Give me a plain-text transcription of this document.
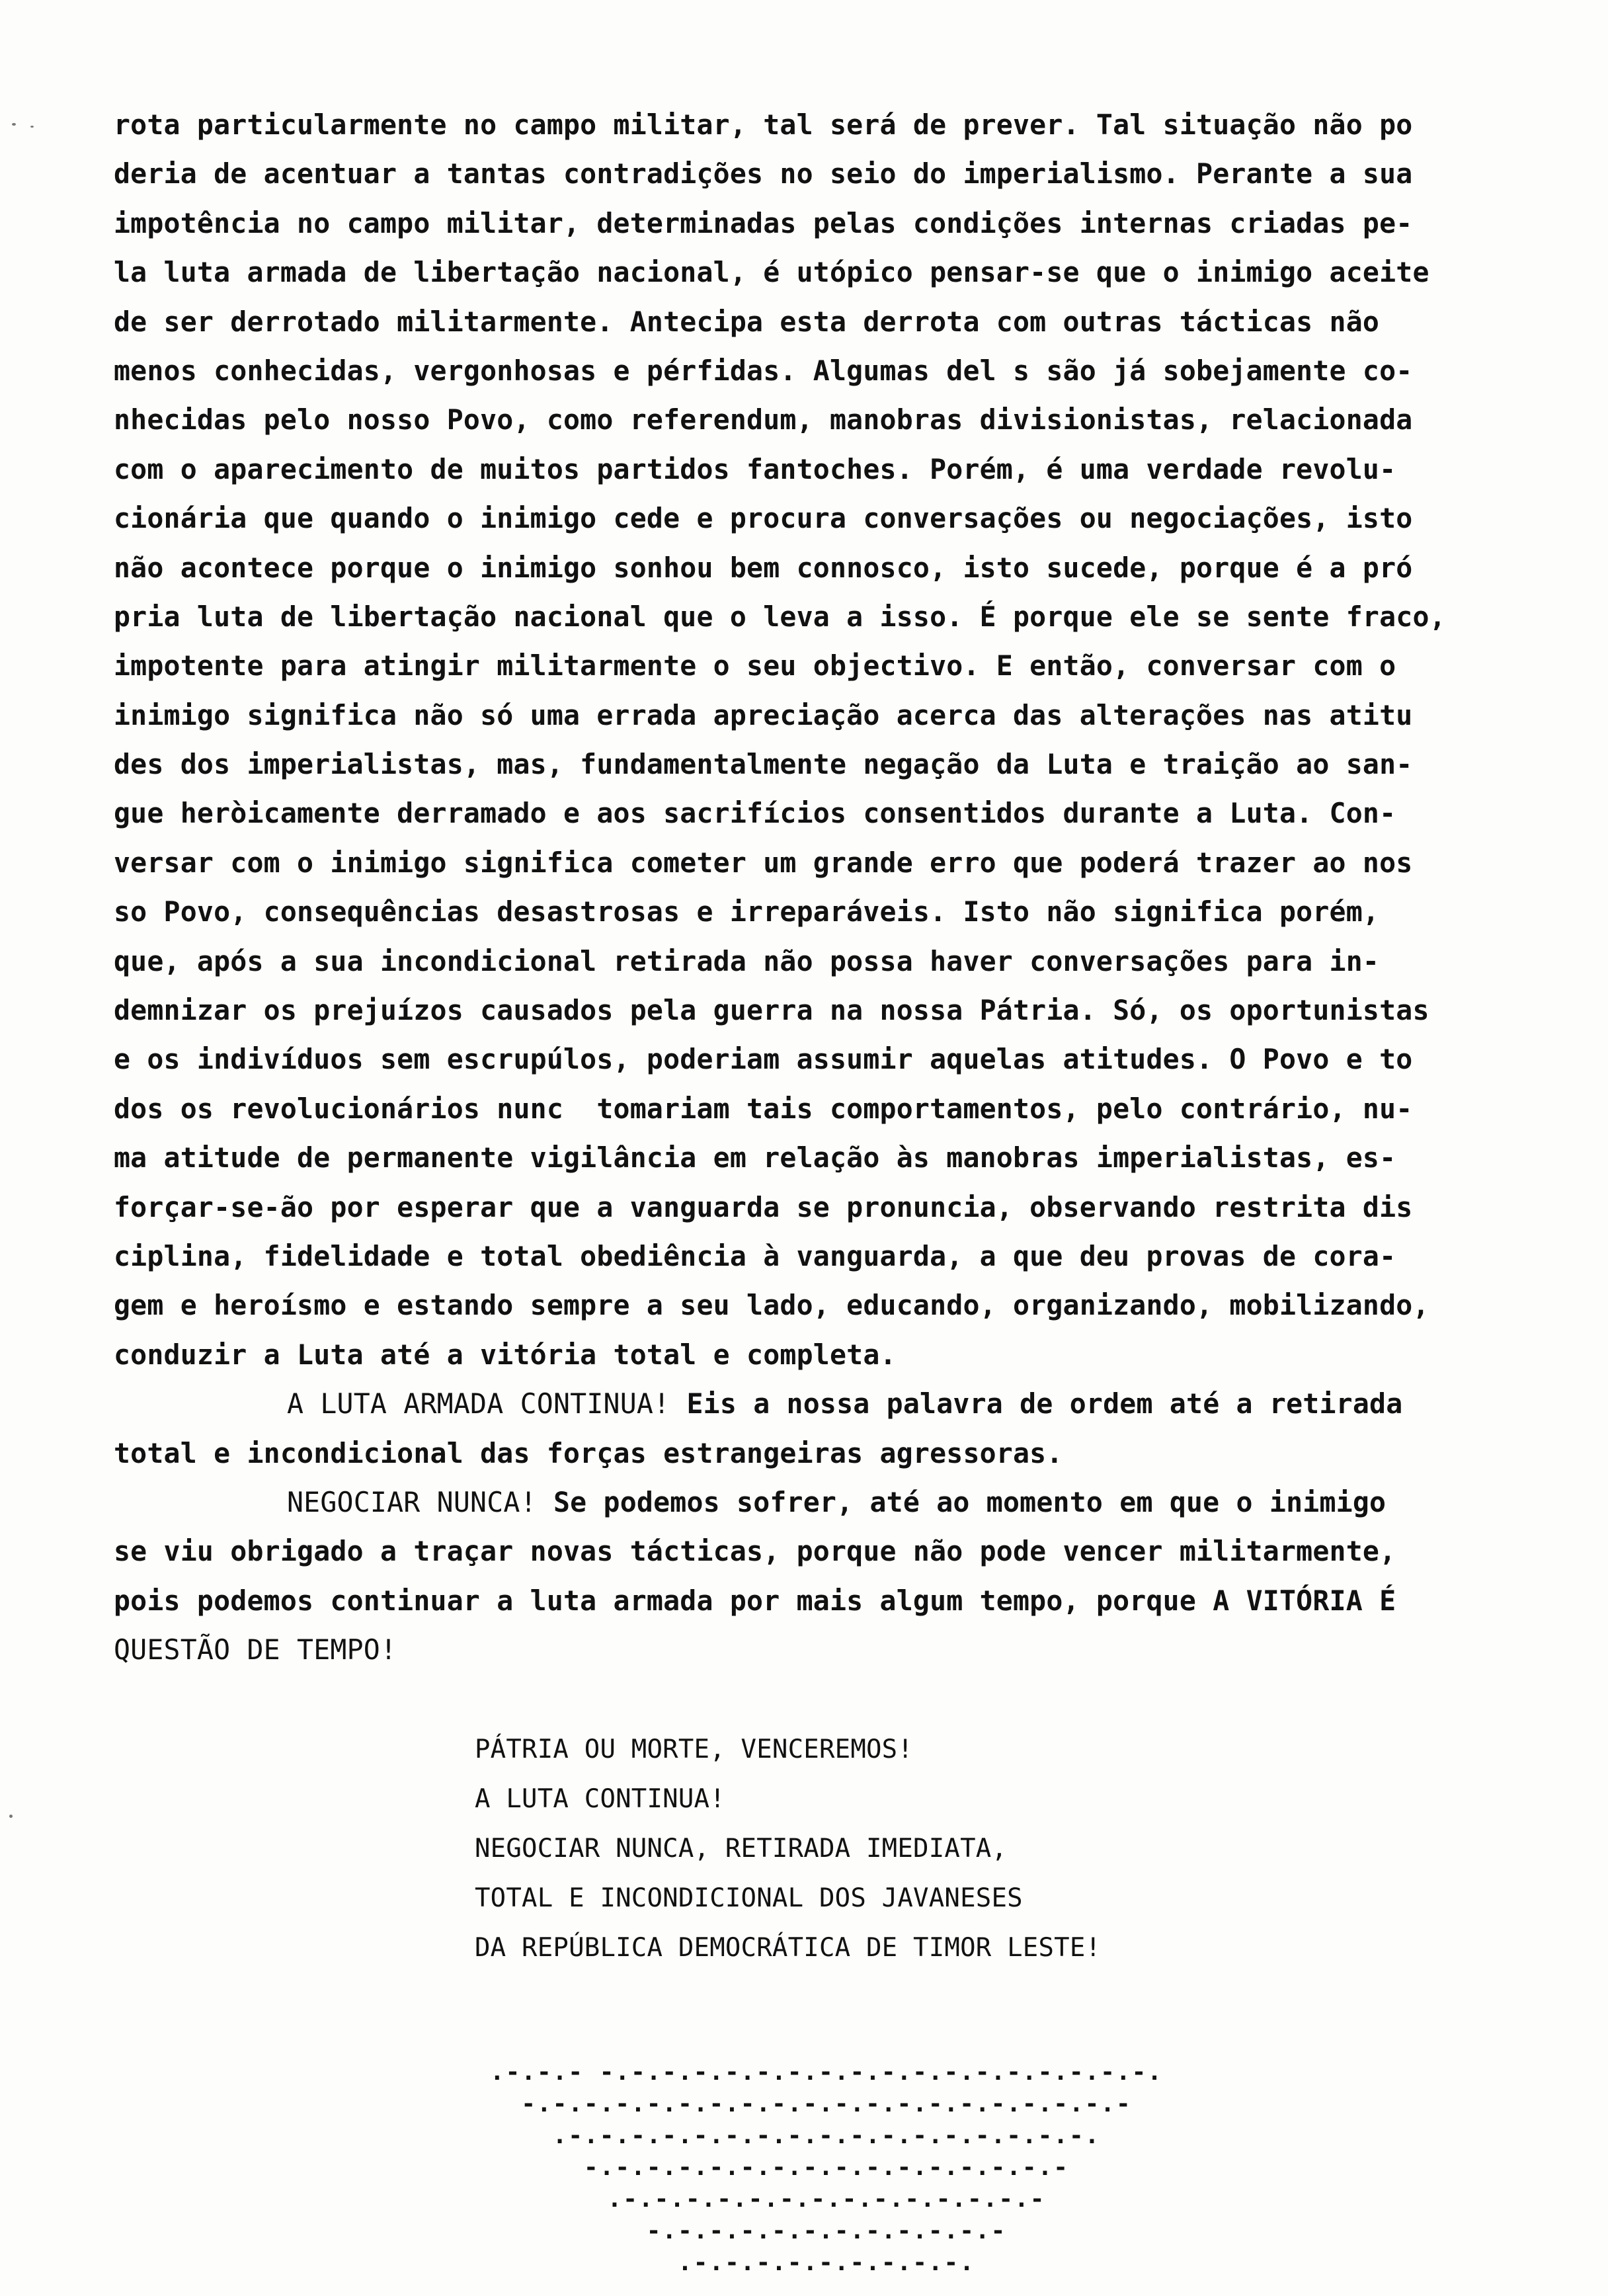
rota particularmente no campo militar, tal será de prever. Tal situação não po
deria de acentuar a tantas contradições no seio do imperialismo. Perante a sua
impotência no campo militar, determinadas pelas condições internas criadas pe-
la luta armada de libertação nacional, é utópico pensar-se que o inimigo aceite
de ser derrotado militarmente. Antecipa esta derrota com outras tácticas não
menos conhecidas, vergonhosas e pérfidas. Algumas del s são já sobejamente co-
nhecidas pelo nosso Povo, como referendum, manobras divisionistas, relacionada
com o aparecimento de muitos partidos fantoches. Porém, é uma verdade revolu-
cionária que quando o inimigo cede e procura conversações ou negociações, isto
não acontece porque o inimigo sonhou bem connosco, isto sucede, porque é a pró
pria luta de libertação nacional que o leva a isso. É porque ele se sente fraco,
impotente para atingir militarmente o seu objectivo. E então, conversar com o
inimigo significa não só uma errada apreciação acerca das alterações nas atitu
des dos imperialistas, mas, fundamentalmente negação da Luta e traição ao san-
gue heròicamente derramado e aos sacrifícios consentidos durante a Luta. Con-
versar com o inimigo significa cometer um grande erro que poderá trazer ao nos
so Povo, consequências desastrosas e irreparáveis. Isto não significa porém,
que, após a sua incondicional retirada não possa haver conversações para in-
demnizar os prejuízos causados pela guerra na nossa Pátria. Só, os oportunistas
e os indivíduos sem escrupúlos, poderiam assumir aquelas atitudes. O Povo e to
dos os revolucionários nunc  tomariam tais comportamentos, pelo contrário, nu-
ma atitude de permanente vigilância em relação às manobras imperialistas, es-
forçar-se-ão por esperar que a vanguarda se pronuncia, observando restrita dis
ciplina, fidelidade e total obediência à vanguarda, a que deu provas de cora-
gem e heroísmo e estando sempre a seu lado, educando, organizando, mobilizando,
conduzir a Luta até a vitória total e completa.
A LUTA ARMADA CONTINUA! Eis a nossa palavra de ordem até a retirada
total e incondicional das forças estrangeiras agressoras.
NEGOCIAR NUNCA! Se podemos sofrer, até ao momento em que o inimigo
se viu obrigado a traçar novas tácticas, porque não pode vencer militarmente,
pois podemos continuar a luta armada por mais algum tempo, porque A VITÓRIA É
QUESTÃO DE TEMPO!
PÁTRIA OU MORTE, VENCEREMOS!
A LUTA CONTINUA!
NEGOCIAR NUNCA, RETIRADA IMEDIATA,
TOTAL E INCONDICIONAL DOS JAVANESES
DA REPÚBLICA DEMOCRÁTICA DE TIMOR LESTE!
.-.-.- -.-.-.-.-.-.-.-.-.-.-.-.-.-.-.-.-.-.
-.-.-.-.-.-.-.-.-.-.-.-.-.-.-.-.-.-.-.-
.-.-.-.-.-.-.-.-.-.-.-.-.-.-.-.-.-.
-.-.-.-.-.-.-.-.-.-.-.-.-.-.-.-
.-.-.-.-.-.-.-.-.-.-.-.-.-.-
-.-.-.-.-.-.-.-.-.-.-.-
.-.-.-.-.-.-.-.-.-.
